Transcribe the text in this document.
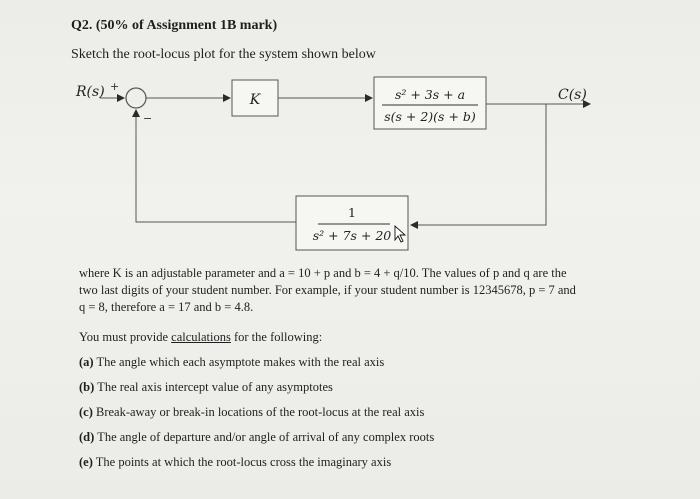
Q2. (50% of Assignment 1B mark)
Sketch the root-locus plot for the system shown below
R(s) +
−
K	s² + 3s + a
s(s + 2)(s + b)
C(s)
1
s² + 7s + 20
where K is an adjustable parameter and a = 10 + p and b = 4 + q/10. The values of p and q are the
two last digits of your student number. For example, if your student number is 12345678, p = 7 and
q = 8, therefore a = 17 and b = 4.8.
You must provide calculations for the following:
(a) The angle which each asymptote makes with the real axis
(b) The real axis intercept value of any asymptotes
(c) Break-away or break-in locations of the root-locus at the real axis
(d) The angle of departure and/or angle of arrival of any complex roots
(e) The points at which the root-locus cross the imaginary axis
